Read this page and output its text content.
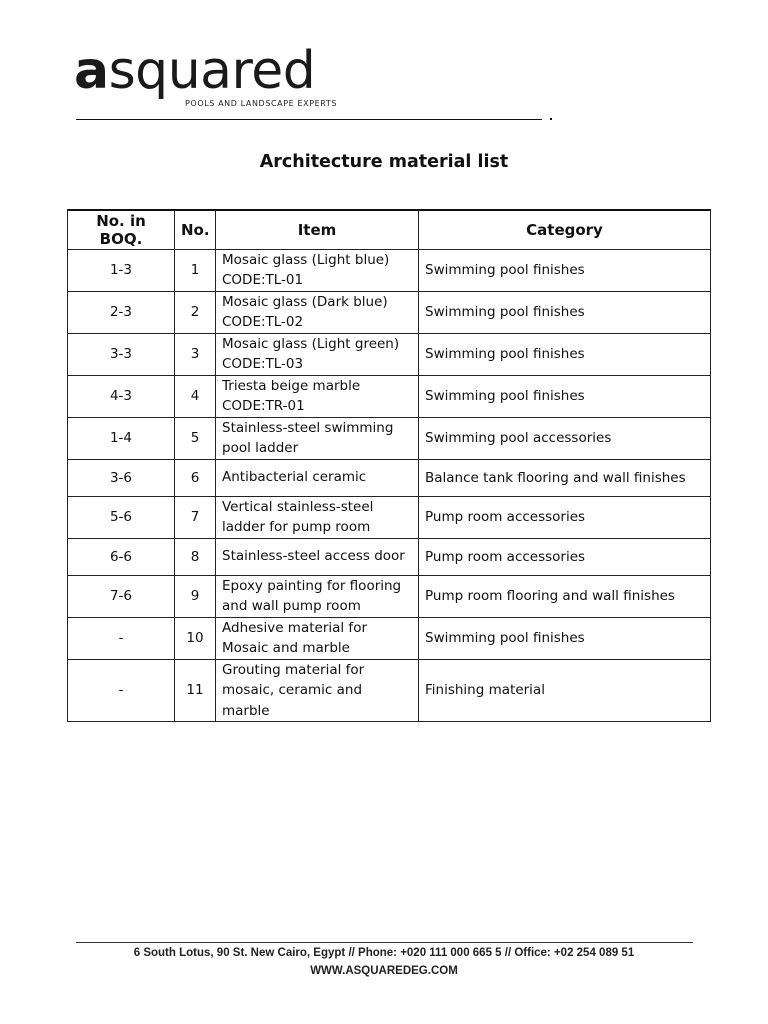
asquared
POOLS AND LANDSCAPE EXPERTS
Architecture material list
No. in BOQ.	No.	Item	Category
1-3	1	Mosaic glass (Light blue)
CODE:TL-01	Swimming pool finishes
2-3	2	Mosaic glass (Dark blue)
CODE:TL-02	Swimming pool finishes
3-3	3	Mosaic glass (Light green)
CODE:TL-03	Swimming pool finishes
4-3	4	Triesta beige marble
CODE:TR-01	Swimming pool finishes
1-4	5	Stainless-steel swimming
pool ladder	Swimming pool accessories
3-6	6	Antibacterial ceramic	Balance tank flooring and wall finishes
5-6	7	Vertical stainless-steel
ladder for pump room	Pump room accessories
6-6	8	Stainless-steel access door	Pump room accessories
7-6	9	Epoxy painting for flooring
and wall pump room	Pump room flooring and wall finishes
-	10	Adhesive material for
Mosaic and marble	Swimming pool finishes
-	11	Grouting material for
mosaic, ceramic and marble	Finishing material
6 South Lotus, 90 St. New Cairo, Egypt // Phone: +020 111 000 665 5 // Office: +02 254 089 51
WWW.ASQUAREDEG.COM
